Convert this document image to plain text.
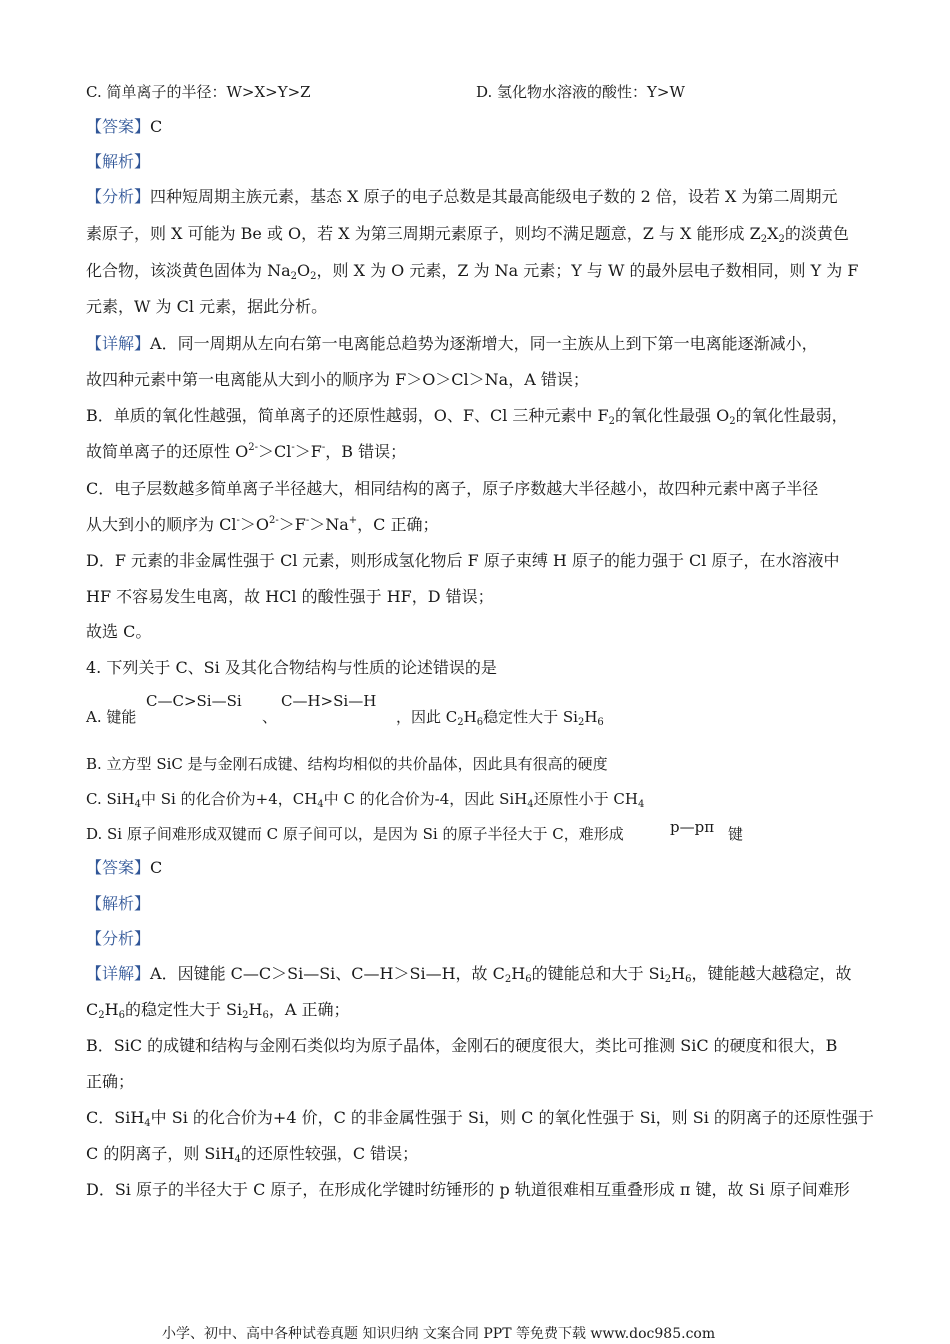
C. 简单离子的半径：W>X>Y>Z	D. 氢化物水溶液的酸性：Y>W
【答案】C
【解析】
【分析】四种短周期主族元素，基态 X 原子的电子总数是其最高能级电子数的 2 倍，设若 X 为第二周期元
素原子，则 X 可能为 Be 或 O，若 X 为第三周期元素原子，则均不满足题意，Z 与 X 能形成 $Z_2X_2$的淡黄色
化合物，该淡黄色固体为 $Na_2O_2$，则 X 为 O 元素，Z 为 Na 元素；Y 与 W 的最外层电子数相同，则 Y 为 F
元素，W 为 Cl 元素，据此分析。
【详解】A．同一周期从左向右第一电离能总趋势为逐渐增大，同一主族从上到下第一电离能逐渐减小，
故四种元素中第一电离能从大到小的顺序为 F＞O＞Cl＞Na，A 错误；
B．单质的氧化性越强，简单离子的还原性越弱，O、F、Cl 三种元素中 $F_2$的氧化性最强 $O_2$的氧化性最弱，
故简单离子的还原性 $O^{2-}>Cl^->F^-$，B 错误；
C．电子层数越多简单离子半径越大，相同结构的离子，原子序数越大半径越小，故四种元素中离子半径
从大到小的顺序为 $Cl^->O^{2-}>F^->Na^+$，C 正确；
D．F 元素的非金属性强于 Cl 元素，则形成氢化物后 F 原子束缚 H 原子的能力强于 Cl 原子，在水溶液中
HF 不容易发生电离，故 HCl 的酸性强于 HF，D 错误；
故选 C。
4. 下列关于 C、Si 及其化合物结构与性质的论述错误的是
C—C>Si—Si	C—H>Si—H
A. 键能	、	，因此 $C_2H_6$稳定性大于 $Si_2H_6$
B. 立方型 SiC 是与金刚石成键、结构均相似的共价晶体，因此具有很高的硬度
C. SiH$_4$中 Si 的化合价为+4，$CH_4$中 C 的化合价为-4，因此 SiH$_4$还原性小于 $CH_4$
p—pπ
D. Si 原子间难形成双键而 C 原子间可以，是因为 Si 的原子半径大于 C，难形成	键
【答案】C
【解析】
【分析】
【详解】A．因键能 C—C＞Si—Si、C—H＞Si—H，故 $C_2H_6$的键能总和大于 $Si_2H_6$，键能越大越稳定，故
$C_2H_6$的稳定性大于 $Si_2H_6$，A 正确；
B．SiC 的成键和结构与金刚石类似均为原子晶体，金刚石的硬度很大，类比可推测 SiC 的硬度和很大，B
正确；
C．SiH$_4$中 Si 的化合价为+4 价，C 的非金属性强于 Si，则 C 的氧化性强于 Si，则 Si 的阴离子的还原性强于
C 的阴离子，则 SiH$_4$的还原性较强，C 错误；
D．Si 原子的半径大于 C 原子，在形成化学键时纺锤形的 p 轨道很难相互重叠形成 π 键，故 Si 原子间难形
小学、初中、高中各种试卷真题 知识归纳 文案合同 PPT 等免费下载 www.doc985.com
